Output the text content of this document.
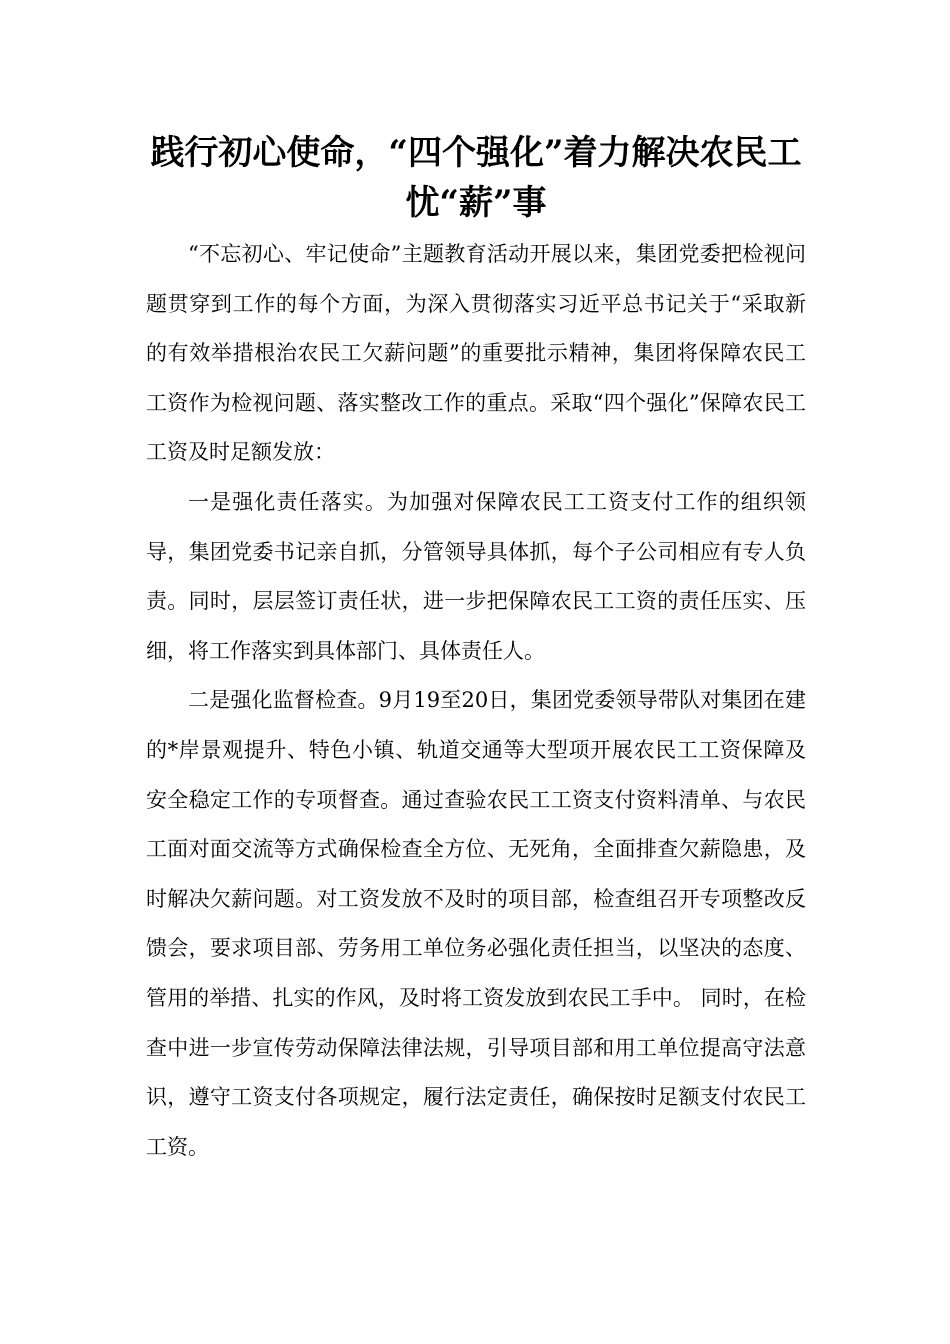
践行初心使命，“四个强化”着力解决农民工忧“薪”事

“不忘初心、牢记使命”主题教育活动开展以来，集团党委把检视问题贯穿到工作的每个方面，为深入贯彻落实习近平总书记关于“采取新的有效举措根治农民工欠薪问题”的重要批示精神，集团将保障农民工工资作为检视问题、落实整改工作的重点。采取“四个强化”保障农民工工资及时足额发放：

一是强化责任落实。为加强对保障农民工工资支付工作的组织领导，集团党委书记亲自抓，分管领导具体抓，每个子公司相应有专人负责。同时，层层签订责任状，进一步把保障农民工工资的责任压实、压细，将工作落实到具体部门、具体责任人。

二是强化监督检查。9月19至20日，集团党委领导带队对集团在建的*岸景观提升、特色小镇、轨道交通等大型项开展农民工工资保障及安全稳定工作的专项督查。通过查验农民工工资支付资料清单、与农民工面对面交流等方式确保检查全方位、无死角，全面排查欠薪隐患，及时解决欠薪问题。对工资发放不及时的项目部，检查组召开专项整改反馈会，要求项目部、劳务用工单位务必强化责任担当，以坚决的态度、管用的举措、扎实的作风，及时将工资发放到农民工手中。 同时，在检查中进一步宣传劳动保障法律法规，引导项目部和用工单位提高守法意识，遵守工资支付各项规定，履行法定责任，确保按时足额支付农民工工资。
